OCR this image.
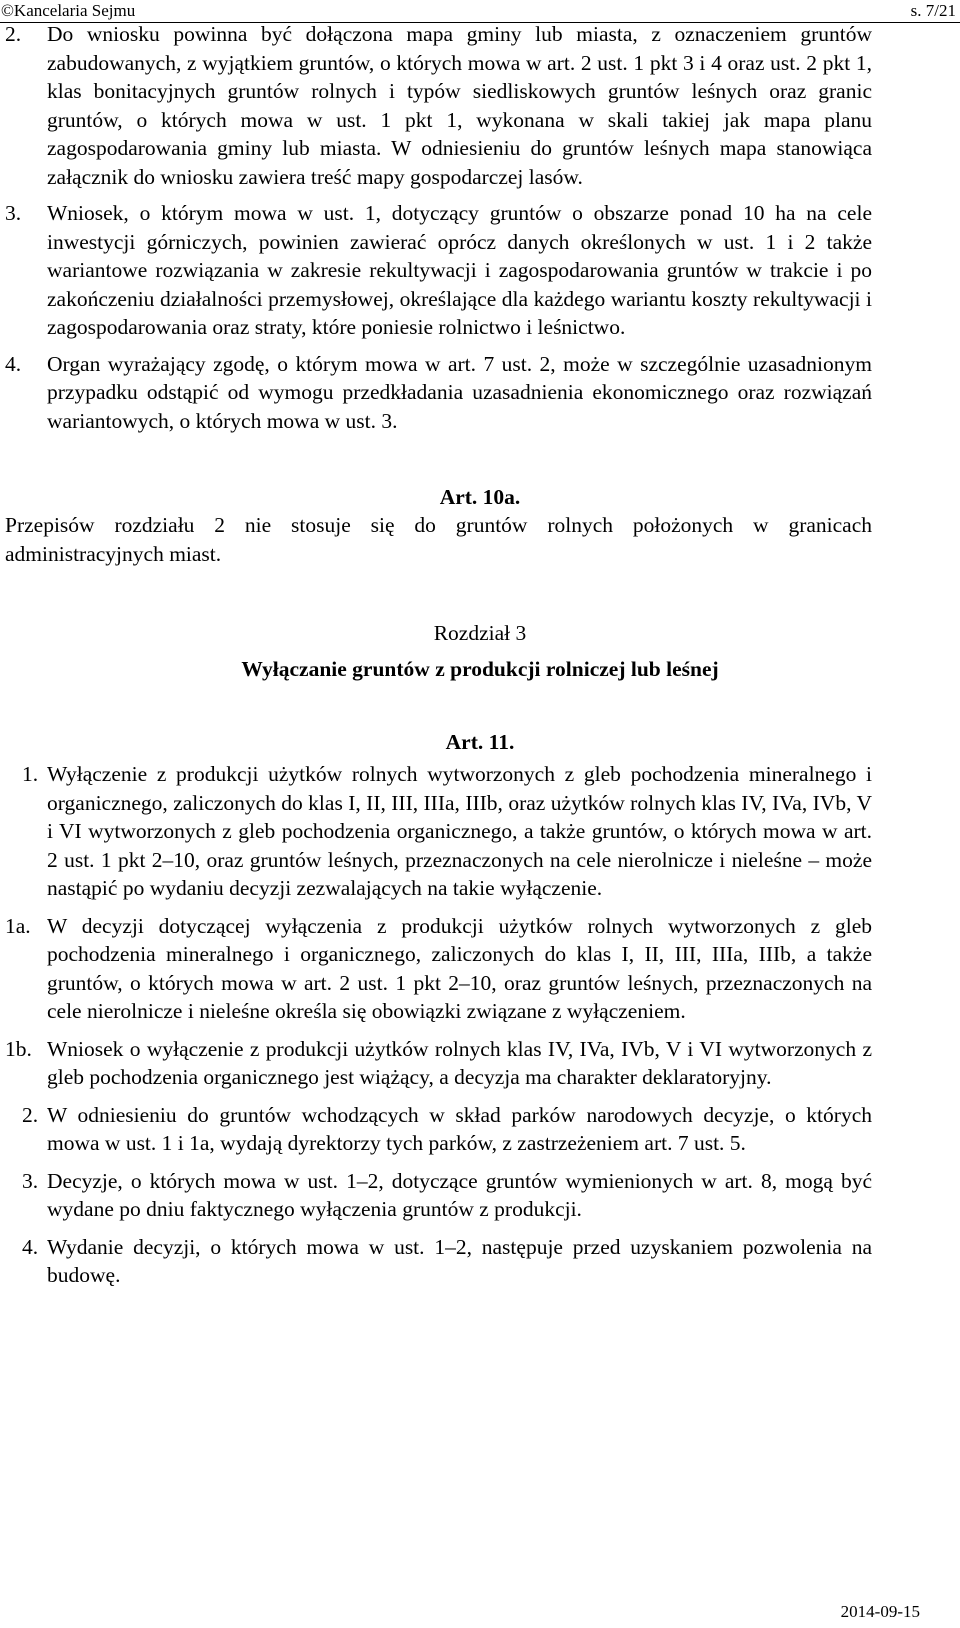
©Kancelaria Sejmu	s. 7/21
2. Do wniosku powinna być dołączona mapa gminy lub miasta, z oznaczeniem gruntów zabudowanych, z wyjątkiem gruntów, o których mowa w art. 2 ust. 1 pkt 3 i 4 oraz ust. 2 pkt 1, klas bonitacyjnych gruntów rolnych i typów siedliskowych gruntów leśnych oraz granic gruntów, o których mowa w ust. 1 pkt 1, wykonana w skali takiej jak mapa planu zagospodarowania gminy lub miasta. W odniesieniu do gruntów leśnych mapa stanowiąca załącznik do wniosku zawiera treść mapy gospodarczej lasów.
3. Wniosek, o którym mowa w ust. 1, dotyczący gruntów o obszarze ponad 10 ha na cele inwestycji górniczych, powinien zawierać oprócz danych określonych w ust. 1 i 2 także wariantowe rozwiązania w zakresie rekultywacji i zagospodarowania gruntów w trakcie i po zakończeniu działalności przemysłowej, określające dla każdego wariantu koszty rekultywacji i zagospodarowania oraz straty, które poniesie rolnictwo i leśnictwo.
4. Organ wyrażający zgodę, o którym mowa w art. 7 ust. 2, może w szczególnie uzasadnionym przypadku odstąpić od wymogu przedkładania uzasadnienia ekonomicznego oraz rozwiązań wariantowych, o których mowa w ust. 3.
Art. 10a.
Przepisów rozdziału 2 nie stosuje się do gruntów rolnych położonych w granicach administracyjnych miast.
Rozdział 3
Wyłączanie gruntów z produkcji rolniczej lub leśnej
Art. 11.
1. Wyłączenie z produkcji użytków rolnych wytworzonych z gleb pochodzenia mineralnego i organicznego, zaliczonych do klas I, II, III, IIIa, IIIb, oraz użytków rolnych klas IV, IVa, IVb, V i VI wytworzonych z gleb pochodzenia organicznego, a także gruntów, o których mowa w art. 2 ust. 1 pkt 2–10, oraz gruntów leśnych, przeznaczonych na cele nierolnicze i nieleśne – może nastąpić po wydaniu decyzji zezwalających na takie wyłączenie.
1a. W decyzji dotyczącej wyłączenia z produkcji użytków rolnych wytworzonych z gleb pochodzenia mineralnego i organicznego, zaliczonych do klas I, II, III, IIIa, IIIb, a także gruntów, o których mowa w art. 2 ust. 1 pkt 2–10, oraz gruntów leśnych, przeznaczonych na cele nierolnicze i nieleśne określa się obowiązki związane z wyłączeniem.
1b. Wniosek o wyłączenie z produkcji użytków rolnych klas IV, IVa, IVb, V i VI wytworzonych z gleb pochodzenia organicznego jest wiążący, a decyzja ma charakter deklaratoryjny.
2. W odniesieniu do gruntów wchodzących w skład parków narodowych decyzje, o których mowa w ust. 1 i 1a, wydają dyrektorzy tych parków, z zastrzeżeniem art. 7 ust. 5.
3. Decyzje, o których mowa w ust. 1–2, dotyczące gruntów wymienionych w art. 8, mogą być wydane po dniu faktycznego wyłączenia gruntów z produkcji.
4. Wydanie decyzji, o których mowa w ust. 1–2, następuje przed uzyskaniem pozwolenia na budowę.
2014-09-15
